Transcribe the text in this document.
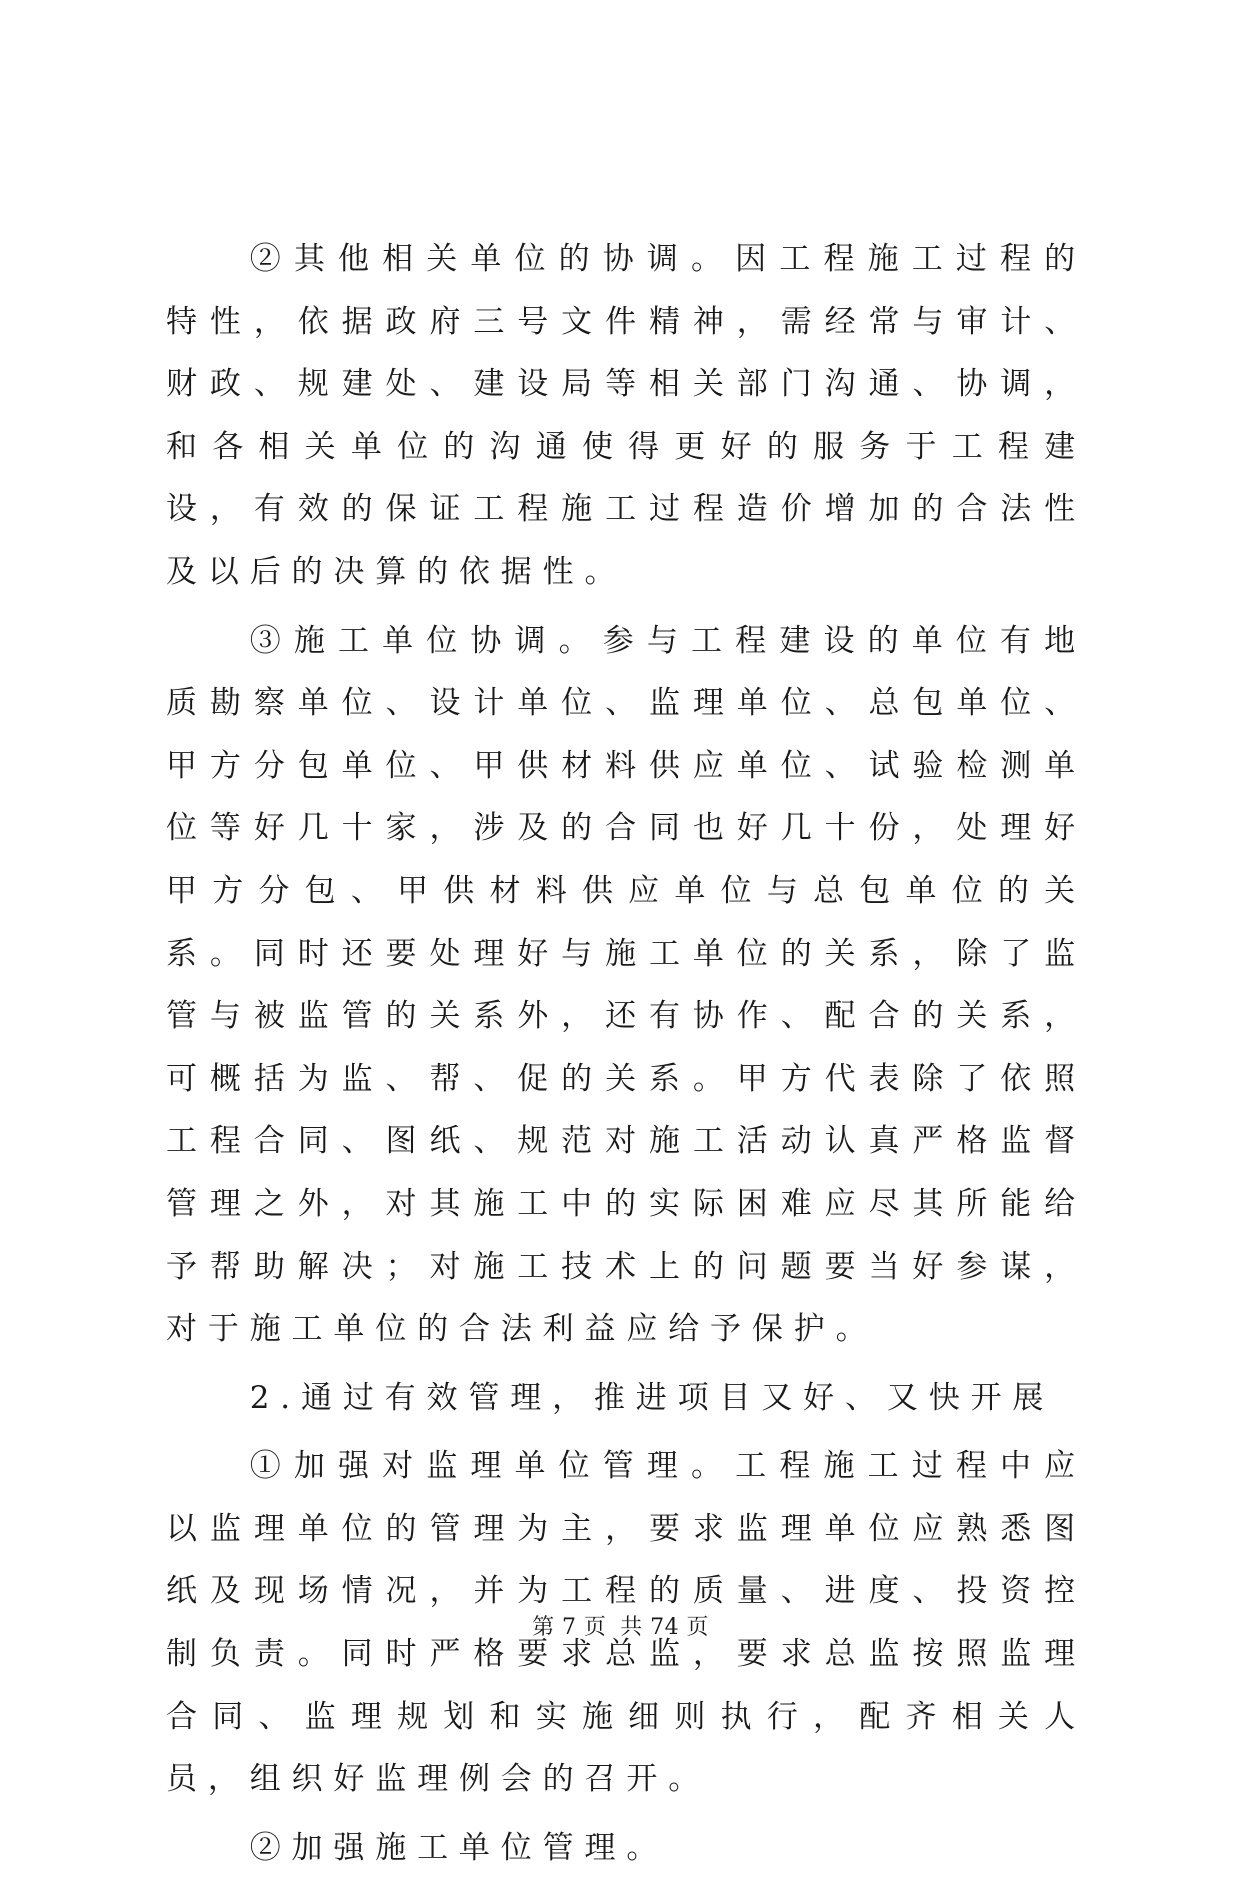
②其他相关单位的协调。因工程施工过程的特性，依据政府三号文件精神，需经常与审计、财政、规建处、建设局等相关部门沟通、协调，和各相关单位的沟通使得更好的服务于工程建设，有效的保证工程施工过程造价增加的合法性及以后的决算的依据性。

③施工单位协调。参与工程建设的单位有地质勘察单位、设计单位、监理单位、总包单位、甲方分包单位、甲供材料供应单位、试验检测单位等好几十家，涉及的合同也好几十份，处理好甲方分包、甲供材料供应单位与总包单位的关系。同时还要处理好与施工单位的关系，除了监管与被监管的关系外，还有协作、配合的关系，可概括为监、帮、促的关系。甲方代表除了依照工程合同、图纸、规范对施工活动认真严格监督管理之外，对其施工中的实际困难应尽其所能给予帮助解决；对施工技术上的问题要当好参谋，对于施工单位的合法利益应给予保护。

2.通过有效管理，推进项目又好、又快开展

①加强对监理单位管理。工程施工过程中应以监理单位的管理为主，要求监理单位应熟悉图纸及现场情况，并为工程的质量、进度、投资控制负责。同时严格要求总监，要求总监按照监理合同、监理规划和实施细则执行，配齐相关人员，组织好监理例会的召开。

②加强施工单位管理。

第 7 页 共 74 页
